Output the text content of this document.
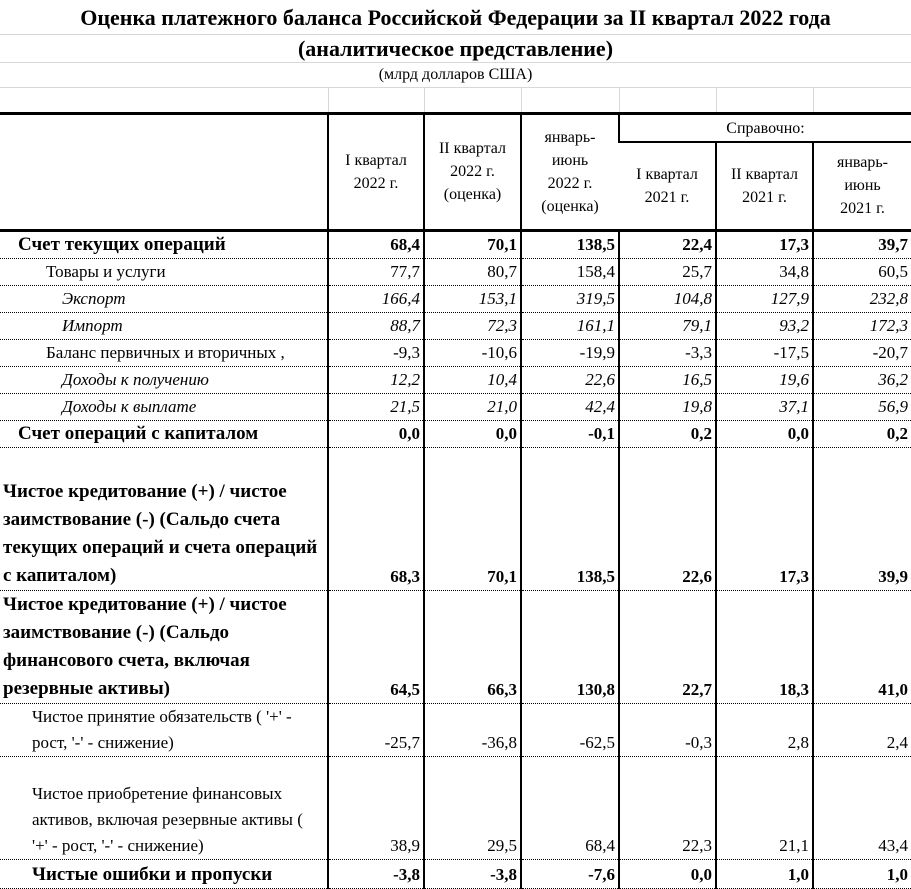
Оценка платежного баланса Российской Федерации за II квартал 2022 года
(аналитическое представление)
(млрд долларов США)
	I квартал 2022 г.	II квартал 2022 г. (оценка)	январь-июнь 2022 г. (оценка)	Справочно:		
				I квартал 2021 г.	II квартал 2021 г.	январь-июнь 2021 г.
Счет текущих операций	68,4	70,1	138,5	22,4	17,3	39,7
Товары и услуги	77,7	80,7	158,4	25,7	34,8	60,5
Экспорт	166,4	153,1	319,5	104,8	127,9	232,8
Импорт	88,7	72,3	161,1	79,1	93,2	172,3
Баланс первичных и вторичных ,	-9,3	-10,6	-19,9	-3,3	-17,5	-20,7
Доходы к получению	12,2	10,4	22,6	16,5	19,6	36,2
Доходы к выплате	21,5	21,0	42,4	19,8	37,1	56,9
Счет операций с капиталом	0,0	0,0	-0,1	0,2	0,0	0,2
Чистое кредитование (+) / чистое заимствование (-) (Сальдо счета текущих операций и счета операций с капиталом)	68,3	70,1	138,5	22,6	17,3	39,9
Чистое кредитование (+) / чистое заимствование (-) (Сальдо финансового счета, включая резервные активы)	64,5	66,3	130,8	22,7	18,3	41,0
Чистое принятие обязательств ( '+' - рост, '-' - снижение)	-25,7	-36,8	-62,5	-0,3	2,8	2,4
Чистое приобретение финансовых активов, включая резервные активы ( '+' - рост, '-' - снижение)	38,9	29,5	68,4	22,3	21,1	43,4
Чистые ошибки и пропуски	-3,8	-3,8	-7,6	0,0	1,0	1,0
